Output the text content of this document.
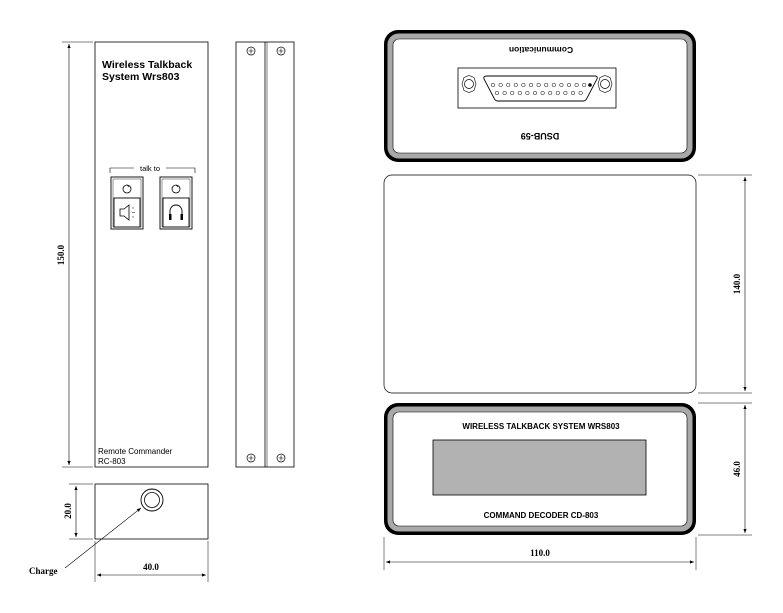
Wireless Talkback
System Wrs803
talk to
Remote Commander
RC-803
150.0
20.0
40.0
Charge
Communication
DSUB-59
140.0
WIRELESS TALKBACK SYSTEM WRS803
COMMAND DECODER CD-803
46.0
110.0
